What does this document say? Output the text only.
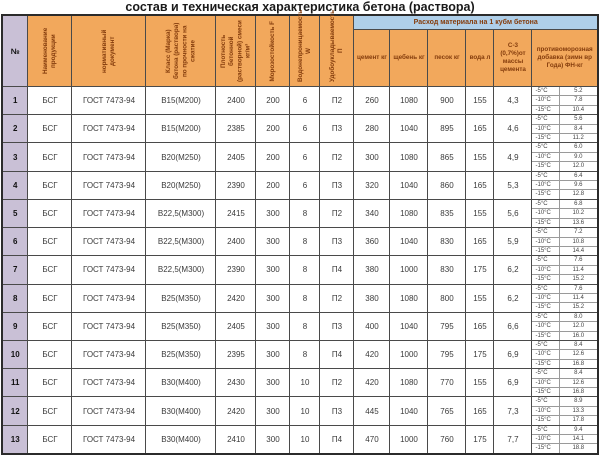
состав и техническая характеристика бетона (раствора)
№	Наименование продукции	нормативный документ	Класс (Марка) бетона (раствора) по прочности на сжатие	Плотность бетонной (растворной) смеси кг/м³	Морозостойкость F	Водонепроницаемость W	Удобоукладываемость П	Расход материала на 1 кубм бетона					
								цемент кг	щебень кг	песок кг	вода л	С-3 (0,7%)от массы цемента	противоморозная добавка (зимн вр Года) ФН-кг
1	БСГ	ГОСТ 7473-94	В15(М200)	2400	200	6	П2	260	1080	900	155	4,3	
-5°С	5.2
-10°С	7.8
-15°С	10.4

2	БСГ	ГОСТ 7473-94	В15(М200)	2385	200	6	П3	280	1040	895	165	4,6	
-5°С	5.6
-10°С	8.4
-15°С	11.2

3	БСГ	ГОСТ 7473-94	В20(М250)	2405	200	6	П2	300	1080	865	155	4,9	
-5°С	6.0
-10°С	9.0
-15°С	12.0

4	БСГ	ГОСТ 7473-94	В20(М250)	2390	200	6	П3	320	1040	860	165	5,3	
-5°С	6.4
-10°С	9.6
-15°С	12.8

5	БСГ	ГОСТ 7473-94	В22,5(М300)	2415	300	8	П2	340	1080	835	155	5,6	
-5°С	6.8
-10°С	10.2
-15°С	13.6

6	БСГ	ГОСТ 7473-94	В22,5(М300)	2400	300	8	П3	360	1040	830	165	5,9	
-5°С	7.2
-10°С	10.8
-15°С	14.4

7	БСГ	ГОСТ 7473-94	В22,5(М300)	2390	300	8	П4	380	1000	830	175	6,2	
-5°С	7.6
-10°С	11.4
-15°С	15.2

8	БСГ	ГОСТ 7473-94	В25(М350)	2420	300	8	П2	380	1080	800	155	6,2	
-5°С	7.6
-10°С	11.4
-15°С	15.2

9	БСГ	ГОСТ 7473-94	В25(М350)	2405	300	8	П3	400	1040	795	165	6,6	
-5°С	8.0
-10°С	12.0
-15°С	16.0

10	БСГ	ГОСТ 7473-94	В25(М350)	2395	300	8	П4	420	1000	795	175	6,9	
-5°С	8.4
-10°С	12.6
-15°С	16.8

11	БСГ	ГОСТ 7473-94	В30(М400)	2430	300	10	П2	420	1080	770	155	6,9	
-5°С	8.4
-10°С	12.6
-15°С	16.8

12	БСГ	ГОСТ 7473-94	В30(М400)	2420	300	10	П3	445	1040	765	165	7,3	
-5°С	8.9
-10°С	13.3
-15°С	17.8

13	БСГ	ГОСТ 7473-94	В30(М400)	2410	300	10	П4	470	1000	760	175	7,7	
-5°С	9.4
-10°С	14.1
-15°С	18.8
